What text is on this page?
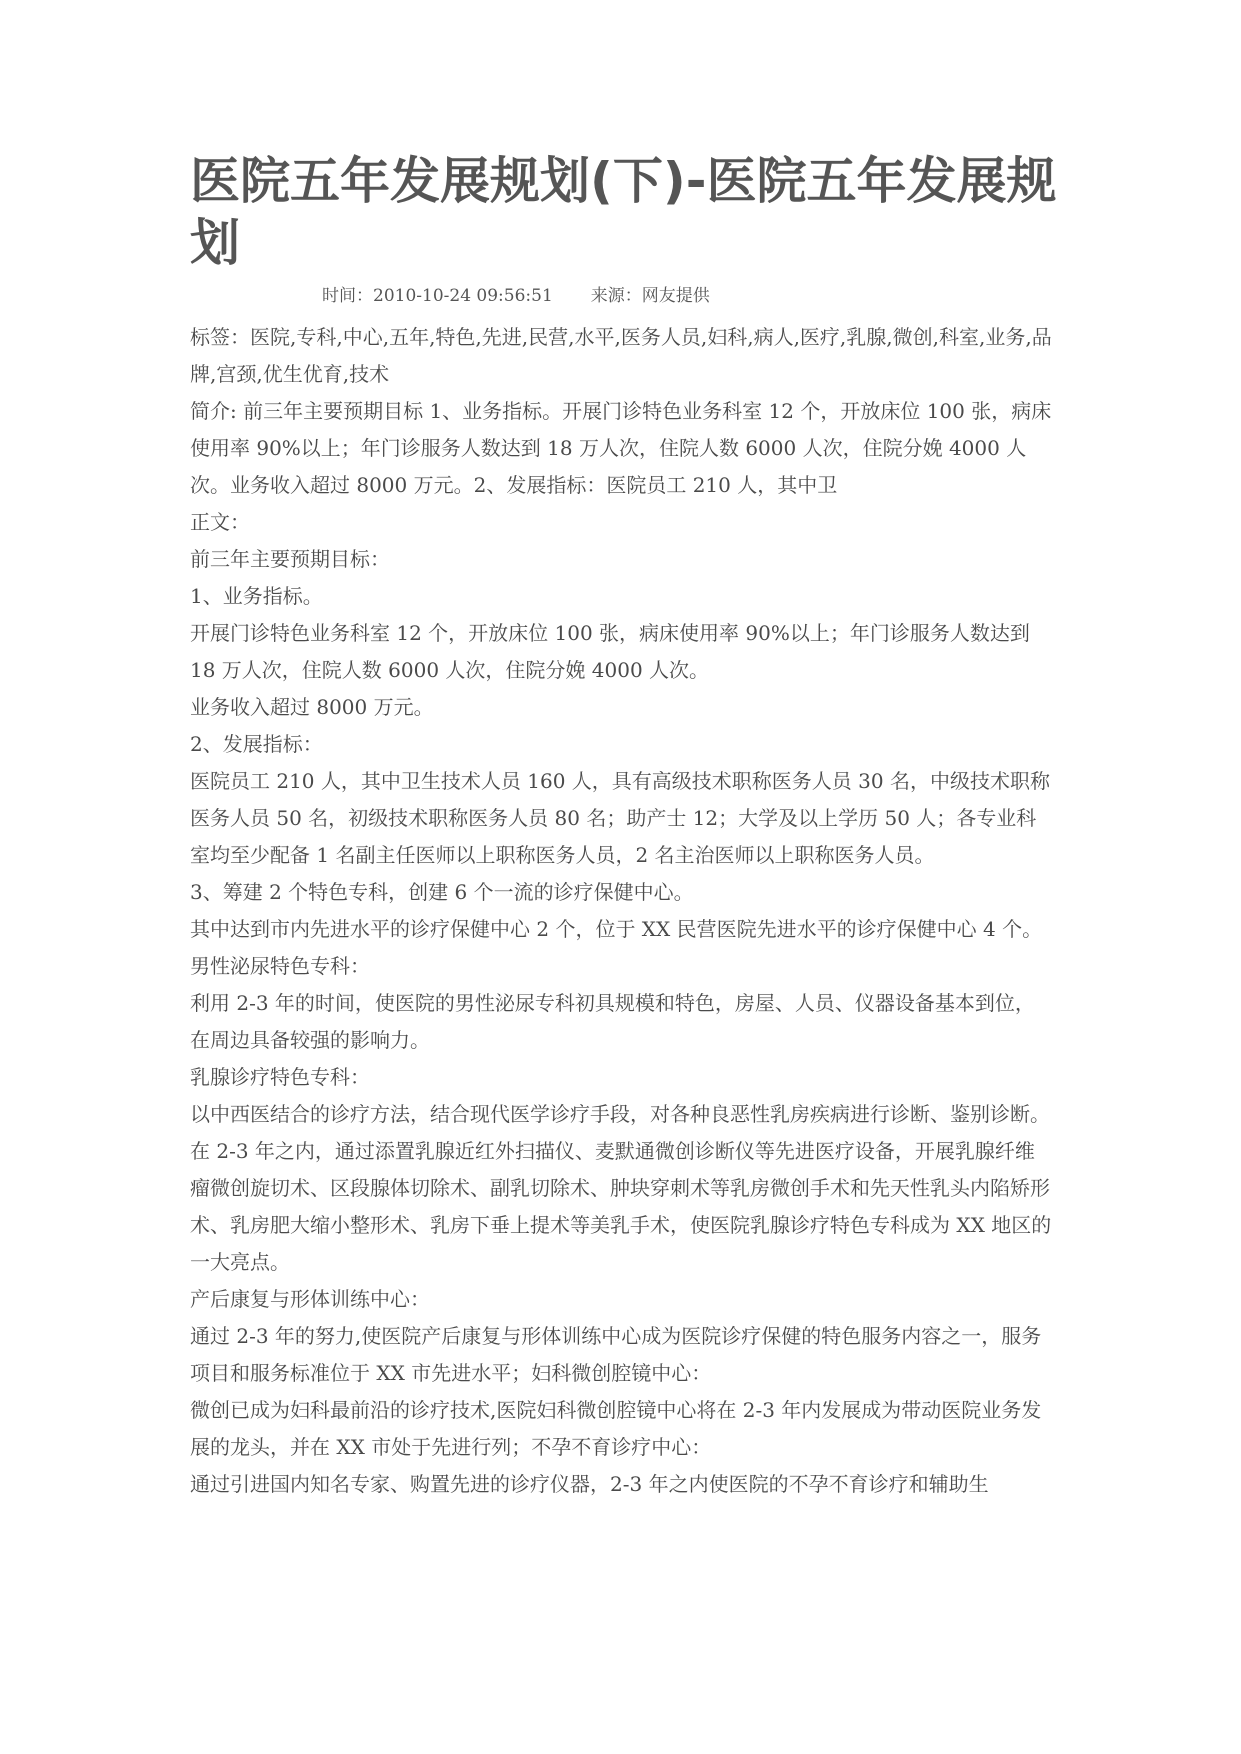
医院五年发展规划(下)-医院五年发展规划
时间：2010-10-24 09:56:51 来源：网友提供

标签：医院,专科,中心,五年,特色,先进,民营,水平,医务人员,妇科,病人,医疗,乳腺,微创,科室,业务,品牌,宫颈,优生优育,技术

简介: 前三年主要预期目标 1、业务指标。开展门诊特色业务科室 12 个，开放床位 100 张，病床使用率 90%以上；年门诊服务人数达到 18 万人次，住院人数 6000 人次，住院分娩 4000 人次。业务收入超过 8000 万元。2、发展指标：医院员工 210 人，其中卫

正文：

前三年主要预期目标：

1、业务指标。

开展门诊特色业务科室 12 个，开放床位 100 张，病床使用率 90%以上；年门诊服务人数达到 18 万人次，住院人数 6000 人次，住院分娩 4000 人次。

业务收入超过 8000 万元。

2、发展指标：

医院员工 210 人，其中卫生技术人员 160 人，具有高级技术职称医务人员 30 名，中级技术职称医务人员 50 名，初级技术职称医务人员 80 名；助产士 12；大学及以上学历 50 人；各专业科室均至少配备 1 名副主任医师以上职称医务人员，2 名主治医师以上职称医务人员。

3、筹建 2 个特色专科，创建 6 个一流的诊疗保健中心。

其中达到市内先进水平的诊疗保健中心 2 个，位于 XX 民营医院先进水平的诊疗保健中心 4 个。

男性泌尿特色专科：

利用 2-3 年的时间，使医院的男性泌尿专科初具规模和特色，房屋、人员、仪器设备基本到位，在周边具备较强的影响力。

乳腺诊疗特色专科：

以中西医结合的诊疗方法，结合现代医学诊疗手段，对各种良恶性乳房疾病进行诊断、鉴别诊断。

在 2-3 年之内，通过添置乳腺近红外扫描仪、麦默通微创诊断仪等先进医疗设备，开展乳腺纤维瘤微创旋切术、区段腺体切除术、副乳切除术、肿块穿刺术等乳房微创手术和先天性乳头内陷矫形术、乳房肥大缩小整形术、乳房下垂上提术等美乳手术，使医院乳腺诊疗特色专科成为 XX 地区的一大亮点。

产后康复与形体训练中心：

通过 2-3 年的努力,使医院产后康复与形体训练中心成为医院诊疗保健的特色服务内容之一，服务项目和服务标准位于 XX 市先进水平；妇科微创腔镜中心：

微创已成为妇科最前沿的诊疗技术,医院妇科微创腔镜中心将在 2-3 年内发展成为带动医院业务发展的龙头，并在 XX 市处于先进行列；不孕不育诊疗中心：

通过引进国内知名专家、购置先进的诊疗仪器，2-3 年之内使医院的不孕不育诊疗和辅助生
